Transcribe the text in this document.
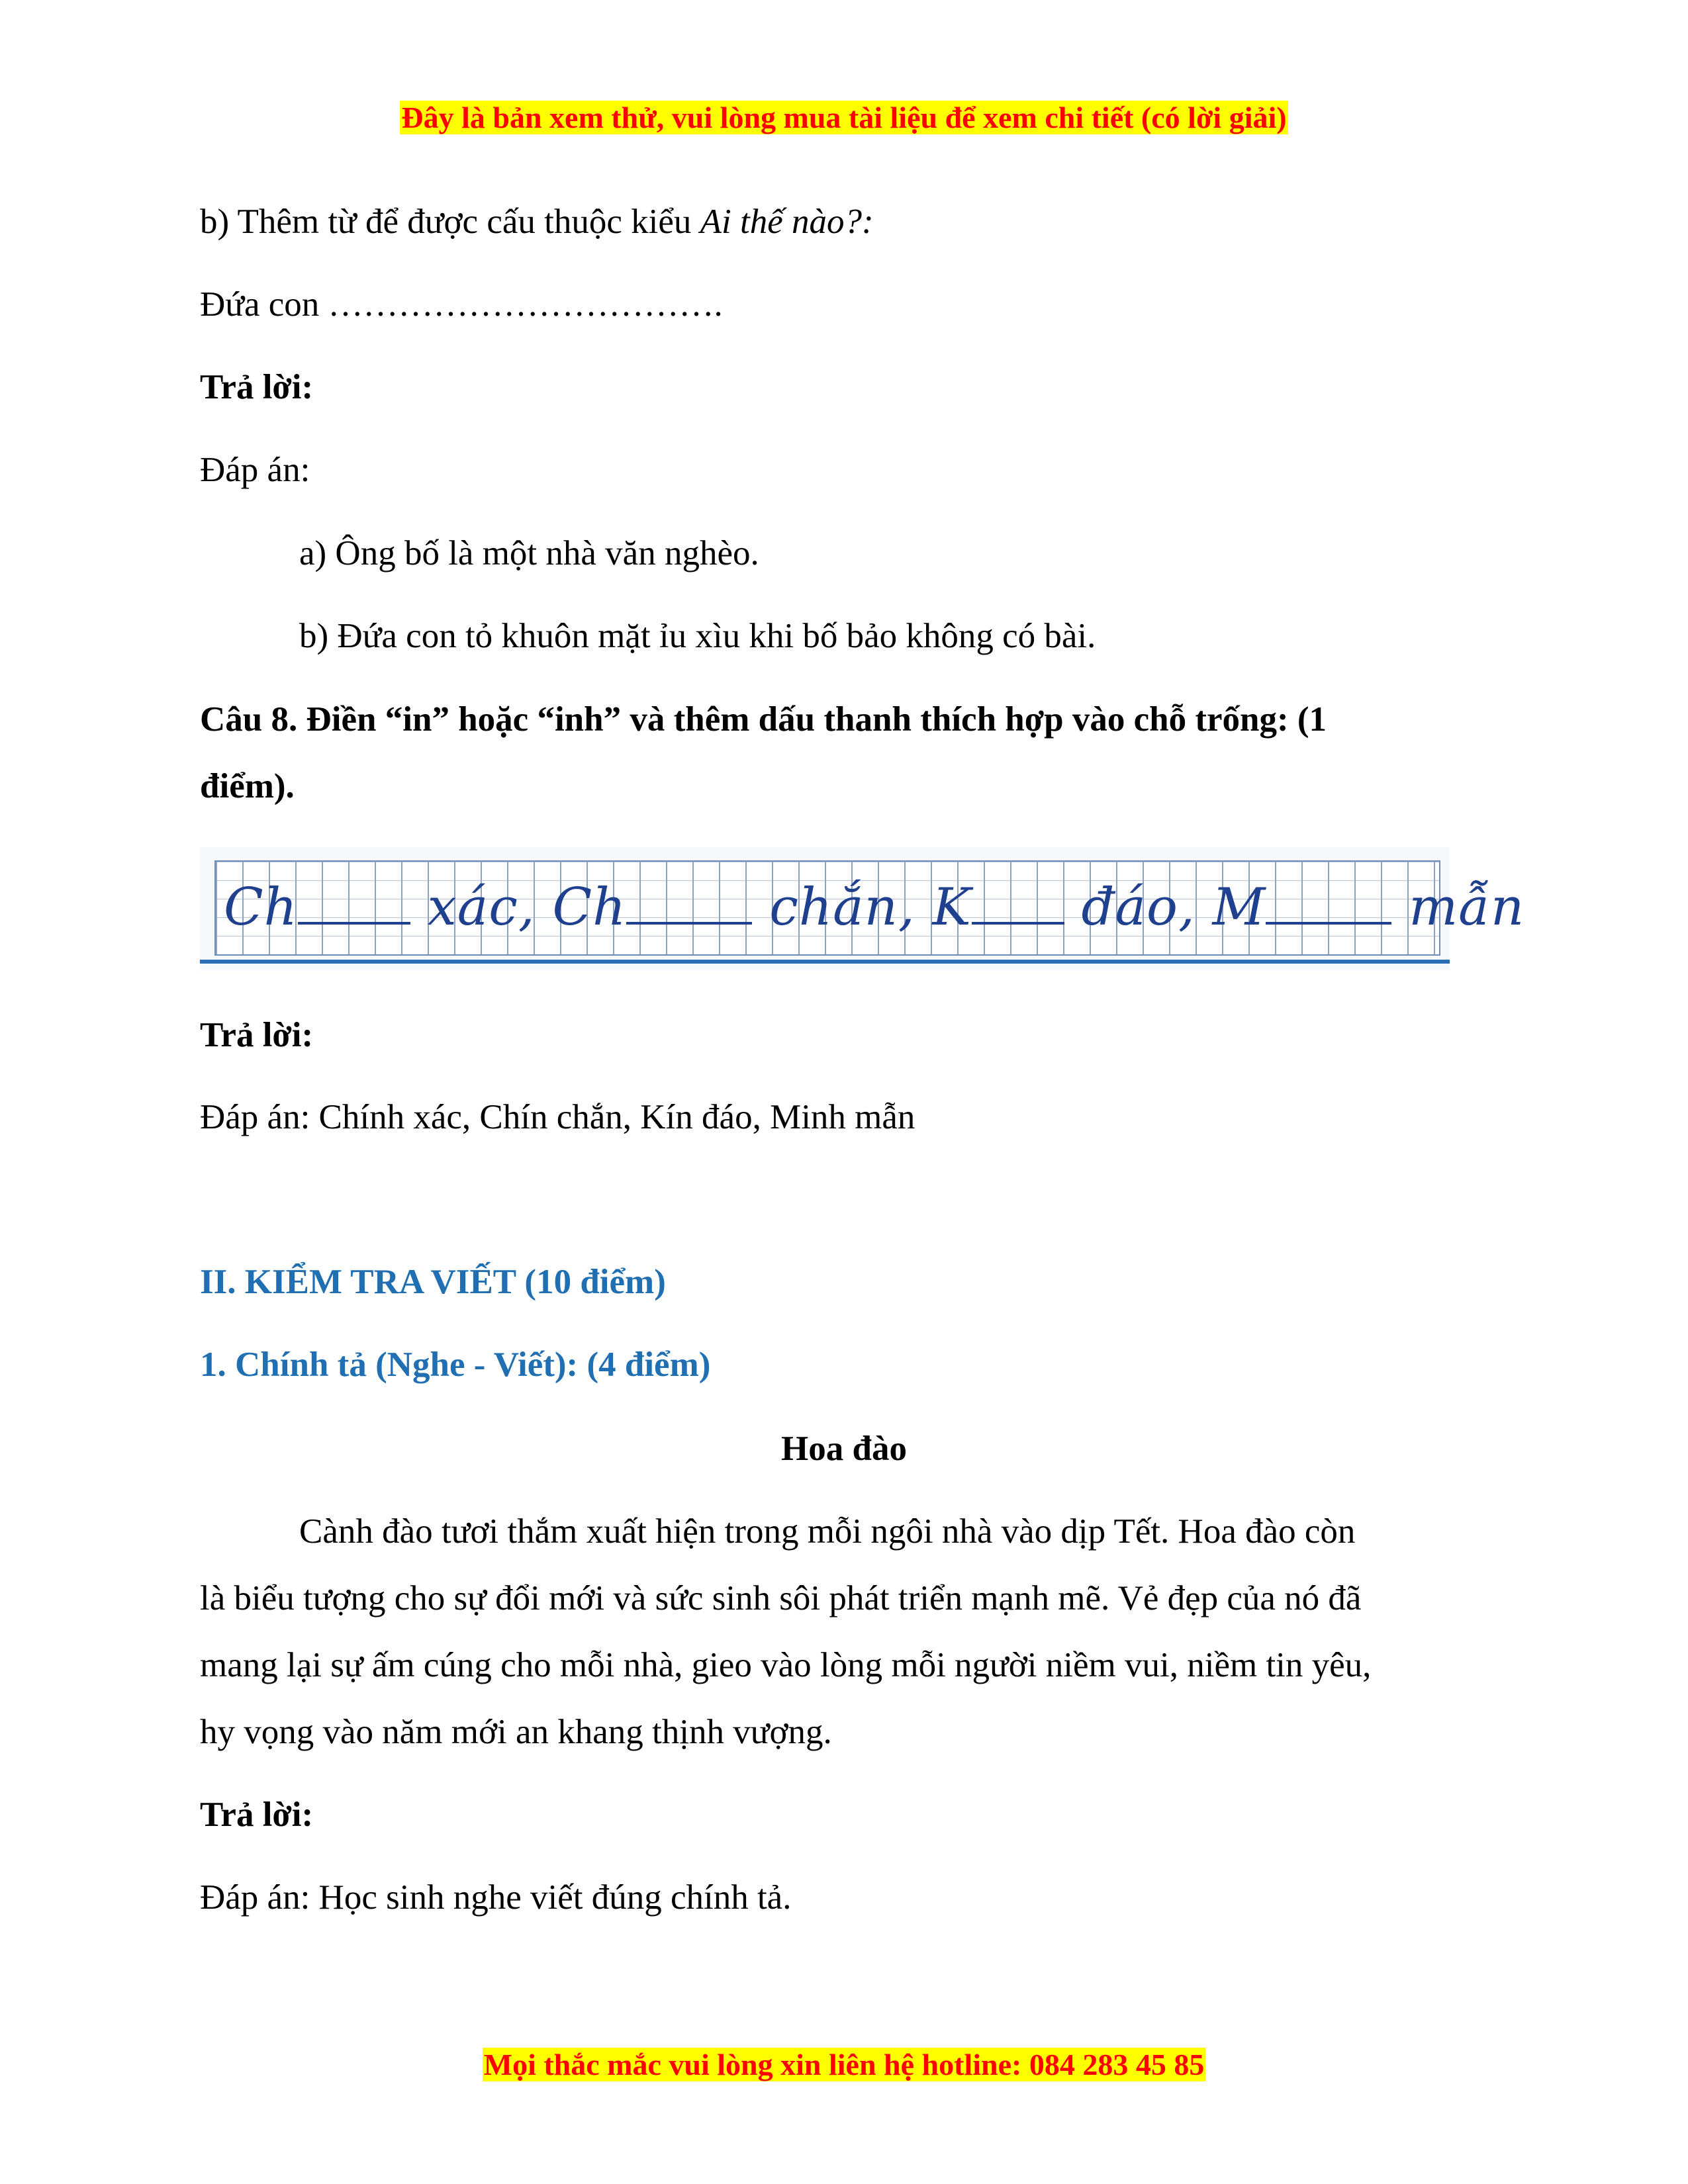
Đây là bản xem thử, vui lòng mua tài liệu để xem chi tiết (có lời giải)
b) Thêm từ để được cấu thuộc kiểu Ai thế nào?:
Đứa con …………………………….
Trả lời:
Đáp án:
a) Ông bố là một nhà văn nghèo.
b) Đứa con tỏ khuôn mặt ỉu xìu khi bố bảo không có bài.
Câu 8. Điền “in” hoặc “inh” và thêm dấu thanh thích hợp vào chỗ trống: (1
điểm).
Ch	xác, Ch	chắn, K đáo, M	mẫn
Trả lời:
Đáp án: Chính xác, Chín chắn, Kín đáo, Minh mẫn
II. KIỂM TRA VIẾT (10 điểm)
1. Chính tả (Nghe - Viết): (4 điểm)
Hoa đào
Cành đào tươi thắm xuất hiện trong mỗi ngôi nhà vào dịp Tết. Hoa đào còn
là biểu tượng cho sự đổi mới và sức sinh sôi phát triển mạnh mẽ. Vẻ đẹp của nó đã
mang lại sự ấm cúng cho mỗi nhà, gieo vào lòng mỗi người niềm vui, niềm tin yêu,
hy vọng vào năm mới an khang thịnh vượng.
Trả lời:
Đáp án: Học sinh nghe viết đúng chính tả.
Mọi thắc mắc vui lòng xin liên hệ hotline: 084 283 45 85
